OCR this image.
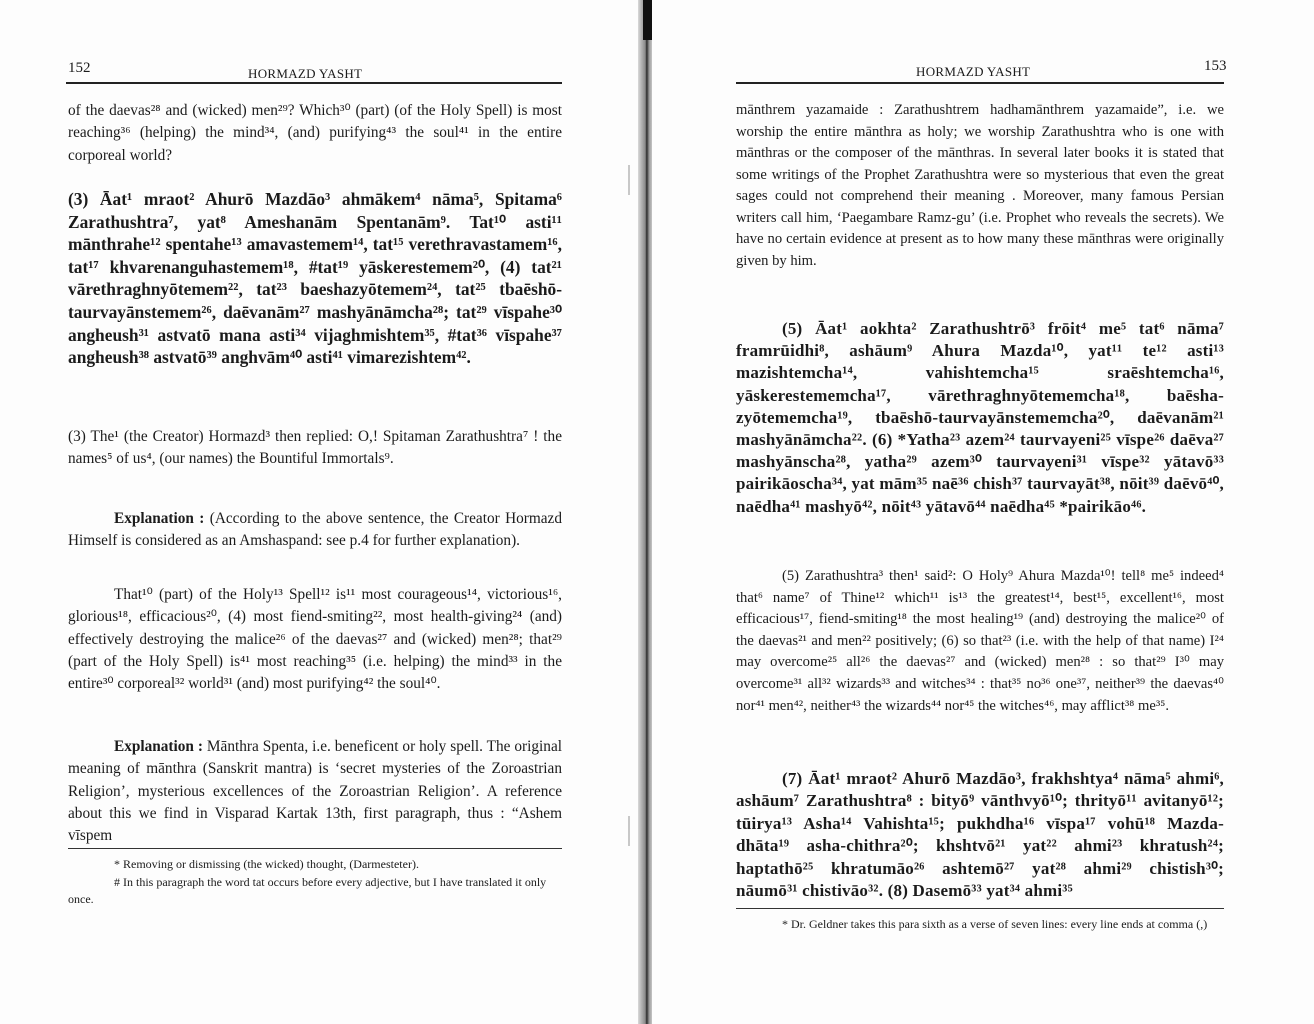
152	HORMAZD YASHT
of the daevas²⁸ and (wicked) men²⁹? Which³⁰ (part) (of the Holy Spell) is most reaching³⁶ (helping) the mind³⁴, (and) purifying⁴³ the soul⁴¹ in the entire corporeal world?
(3) Āat¹ mraot² Ahurō Mazdāo³ ahmākem⁴ nāma⁵, Spitama⁶ Zarathushtra⁷, yat⁸ Ameshanām Spentanām⁹. Tat¹⁰ asti¹¹ mānthrahe¹² spentahe¹³ amavastemem¹⁴, tat¹⁵ verethravastamem¹⁶, tat¹⁷ khvarenanguhastemem¹⁸, #tat¹⁹ yāskerestemem²⁰, (4) tat²¹ vārethraghnyōtemem²², tat²³ baeshazyōtemem²⁴, tat²⁵ tbaēshō-taurvayānstemem²⁶, daēvanām²⁷ mashyānāmcha²⁸; tat²⁹ vīspahe³⁰ angheush³¹ astvatō mana asti³⁴ vijaghmishtem³⁵, #tat³⁶ vīspahe³⁷ angheush³⁸ astvatō³⁹ anghvām⁴⁰ asti⁴¹ vimarezishtem⁴².
(3) The¹ (the Creator) Hormazd³ then replied: O,! Spitaman Zarathushtra⁷ ! the names⁵ of us⁴, (our names) the Bountiful Immortals⁹.
Explanation : (According to the above sentence, the Creator Hormazd Himself is considered as an Amshaspand: see p.4 for further explanation).
That¹⁰ (part) of the Holy¹³ Spell¹² is¹¹ most courageous¹⁴, victorious¹⁶, glorious¹⁸, efficacious²⁰, (4) most fiend-smiting²², most health-giving²⁴ (and) effectively destroying the malice²⁶ of the daevas²⁷ and (wicked) men²⁸; that²⁹ (part of the Holy Spell) is⁴¹ most reaching³⁵ (i.e. helping) the mind³³ in the entire³⁰ corporeal³² world³¹ (and) most purifying⁴² the soul⁴⁰.
Explanation : Mānthra Spenta, i.e. beneficent or holy spell. The original meaning of mānthra (Sanskrit mantra) is ‘secret mysteries of the Zoroastrian Religion’, mysterious excellences of the Zoroastrian Religion’. A reference about this we find in Visparad Kartak 13th, first paragraph, thus : “Ashem vīspem
* Removing or dismissing (the wicked) thought, (Darmesteter).
# In this paragraph the word tat occurs before every adjective, but I have translated it only once.
153
HORMAZD YASHT
mānthrem yazamaide : Zarathushtrem hadhamānthrem yazamaide”, i.e. we worship the entire mānthra as holy; we worship Zarathushtra who is one with mānthras or the composer of the mānthras. In several later books it is stated that some writings of the Prophet Zarathushtra were so mysterious that even the great sages could not comprehend their meaning . Moreover, many famous Persian writers call him, ‘Paegambare Ramz-gu’ (i.e. Prophet who reveals the secrets). We have no certain evidence at present as to how many these mānthras were originally given by him.
(5) Āat¹ aokhta² Zarathushtrō³ frōit⁴ me⁵ tat⁶ nāma⁷ framrūidhi⁸, ashāum⁹ Ahura Mazda¹⁰, yat¹¹ te¹² asti¹³ mazishtemcha¹⁴, vahishtemcha¹⁵ sraēshtemcha¹⁶, yāskerestememcha¹⁷, vārethraghnyōtememcha¹⁸, baēsha-zyōtememcha¹⁹, tbaēshō-taurvayānstememcha²⁰, daēvanām²¹ mashyānāmcha²². (6) *Yatha²³ azem²⁴ taurvayeni²⁵ vīspe²⁶ daēva²⁷ mashyānscha²⁸, yatha²⁹ azem³⁰ taurvayeni³¹ vīspe³² yātavō³³ pairikāoscha³⁴, yat mām³⁵ naē³⁶ chish³⁷ taurvayāt³⁸, nōit³⁹ daēvō⁴⁰, naēdha⁴¹ mashyō⁴², nōit⁴³ yātavō⁴⁴ naēdha⁴⁵ *pairikāo⁴⁶.
(5) Zarathushtra³ then¹ said²: O Holy⁹ Ahura Mazda¹⁰! tell⁸ me⁵ indeed⁴ that⁶ name⁷ of Thine¹² which¹¹ is¹³ the greatest¹⁴, best¹⁵, excellent¹⁶, most efficacious¹⁷, fiend-smiting¹⁸ the most healing¹⁹ (and) destroying the malice²⁰ of the daevas²¹ and men²² positively; (6) so that²³ (i.e. with the help of that name) I²⁴ may overcome²⁵ all²⁶ the daevas²⁷ and (wicked) men²⁸ : so that²⁹ I³⁰ may overcome³¹ all³² wizards³³ and witches³⁴ : that³⁵ no³⁶ one³⁷, neither³⁹ the daevas⁴⁰ nor⁴¹ men⁴², neither⁴³ the wizards⁴⁴ nor⁴⁵ the witches⁴⁶, may afflict³⁸ me³⁵.
(7) Āat¹ mraot² Ahurō Mazdāo³, frakhshtya⁴ nāma⁵ ahmi⁶, ashāum⁷ Zarathushtra⁸ : bityō⁹ vānthvyō¹⁰; thrityō¹¹ avitanyō¹²; tūirya¹³ Asha¹⁴ Vahishta¹⁵; pukhdha¹⁶ vīspa¹⁷ vohū¹⁸ Mazda-dhāta¹⁹ asha-chithra²⁰; khshtvō²¹ yat²² ahmi²³ khratush²⁴; haptathō²⁵ khratumāo²⁶ ashtemō²⁷ yat²⁸ ahmi²⁹ chistish³⁰; nāumō³¹ chistivāo³². (8) Dasemō³³ yat³⁴ ahmi³⁵
* Dr. Geldner takes this para sixth as a verse of seven lines: every line ends at comma (,)
